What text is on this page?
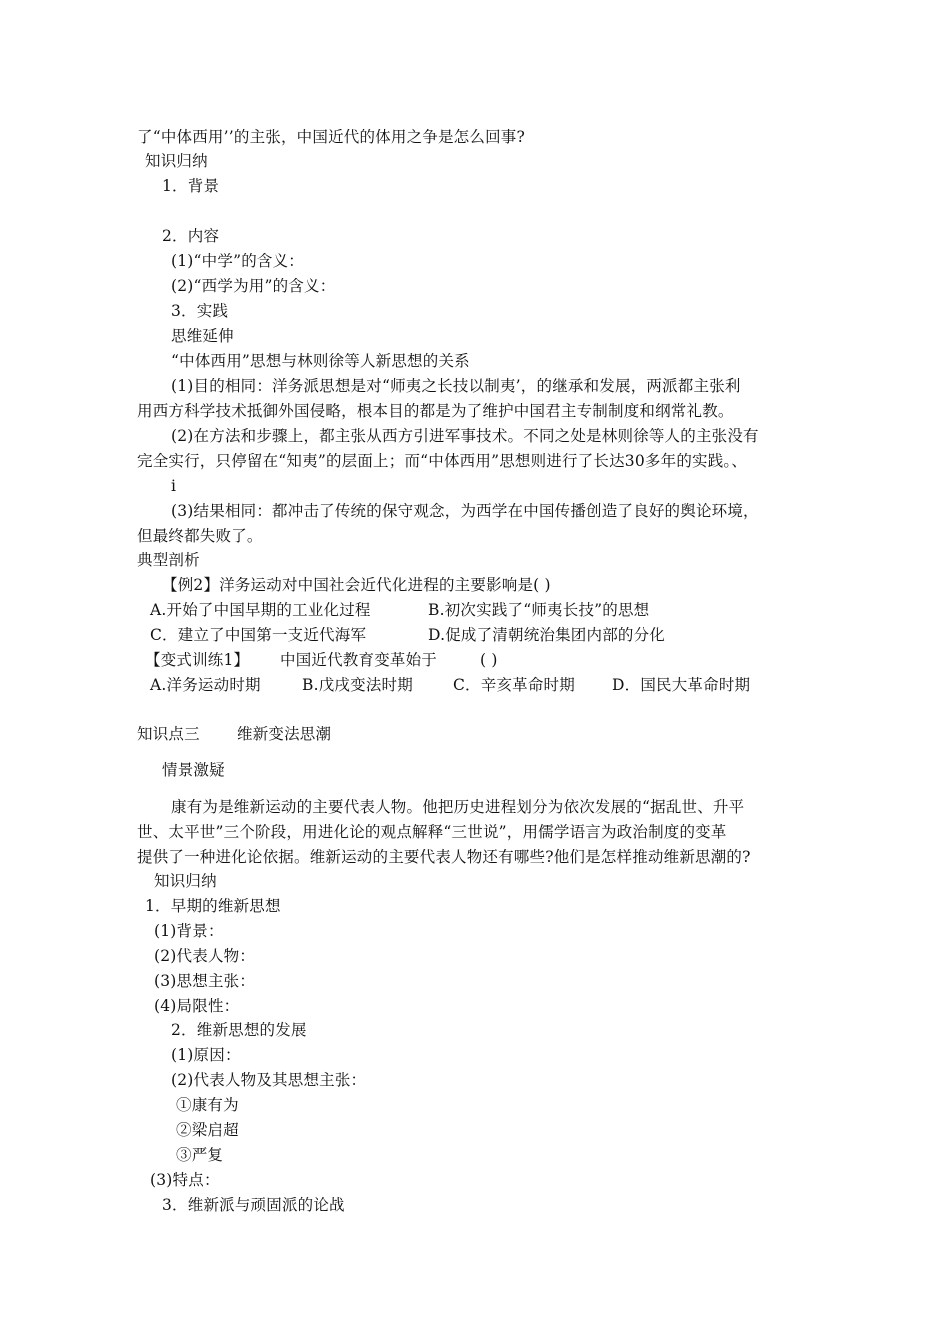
了“中体西用’’的主张，中国近代的体用之争是怎么回事?
知识归纳
1．背景
2．内容
(1)“中学”的含义：
(2)“西学为用”的含义：
3．实践
思维延伸
“中体西用”思想与林则徐等人新思想的关系
(1)目的相同：洋务派思想是对“师夷之长技以制夷’，的继承和发展，两派都主张利
用西方科学技术抵御外国侵略，根本目的都是为了维护中国君主专制制度和纲常礼教。
(2)在方法和步骤上，都主张从西方引进军事技术。不同之处是林则徐等人的主张没有
完全实行，只停留在“知夷”的层面上；而“中体西用”思想则进行了长达30多年的实践。、
i
(3)结果相同：都冲击了传统的保守观念，为西学在中国传播创造了良好的舆论环境，
但最终都失败了。
典型剖析
【例2】洋务运动对中国社会近代化进程的主要影响是( )
A.开始了中国早期的工业化过程	B.初次实践了“师夷长技”的思想
C．建立了中国第一支近代海军	D.促成了清朝统治集团内部的分化
【变式训练1】 中国近代教育变革始于	( )
A.洋务运动时期	B.戊戌变法时期	C．辛亥革命时期 D．国民大革命时期
知识点三 维新变法思潮
情景激疑
康有为是维新运动的主要代表人物。他把历史进程划分为依次发展的“据乱世、升平
世、太平世”三个阶段，用进化论的观点解释“三世说”，用儒学语言为政治制度的变革
提供了一种进化论依据。维新运动的主要代表人物还有哪些?他们是怎样推动维新思潮的?
知识归纳
1．早期的维新思想
(1)背景：
(2)代表人物：
(3)思想主张：
(4)局限性：
2．维新思想的发展
(1)原因：
(2)代表人物及其思想主张：
①康有为
②梁启超
③严复
(3)特点：
3．维新派与顽固派的论战
